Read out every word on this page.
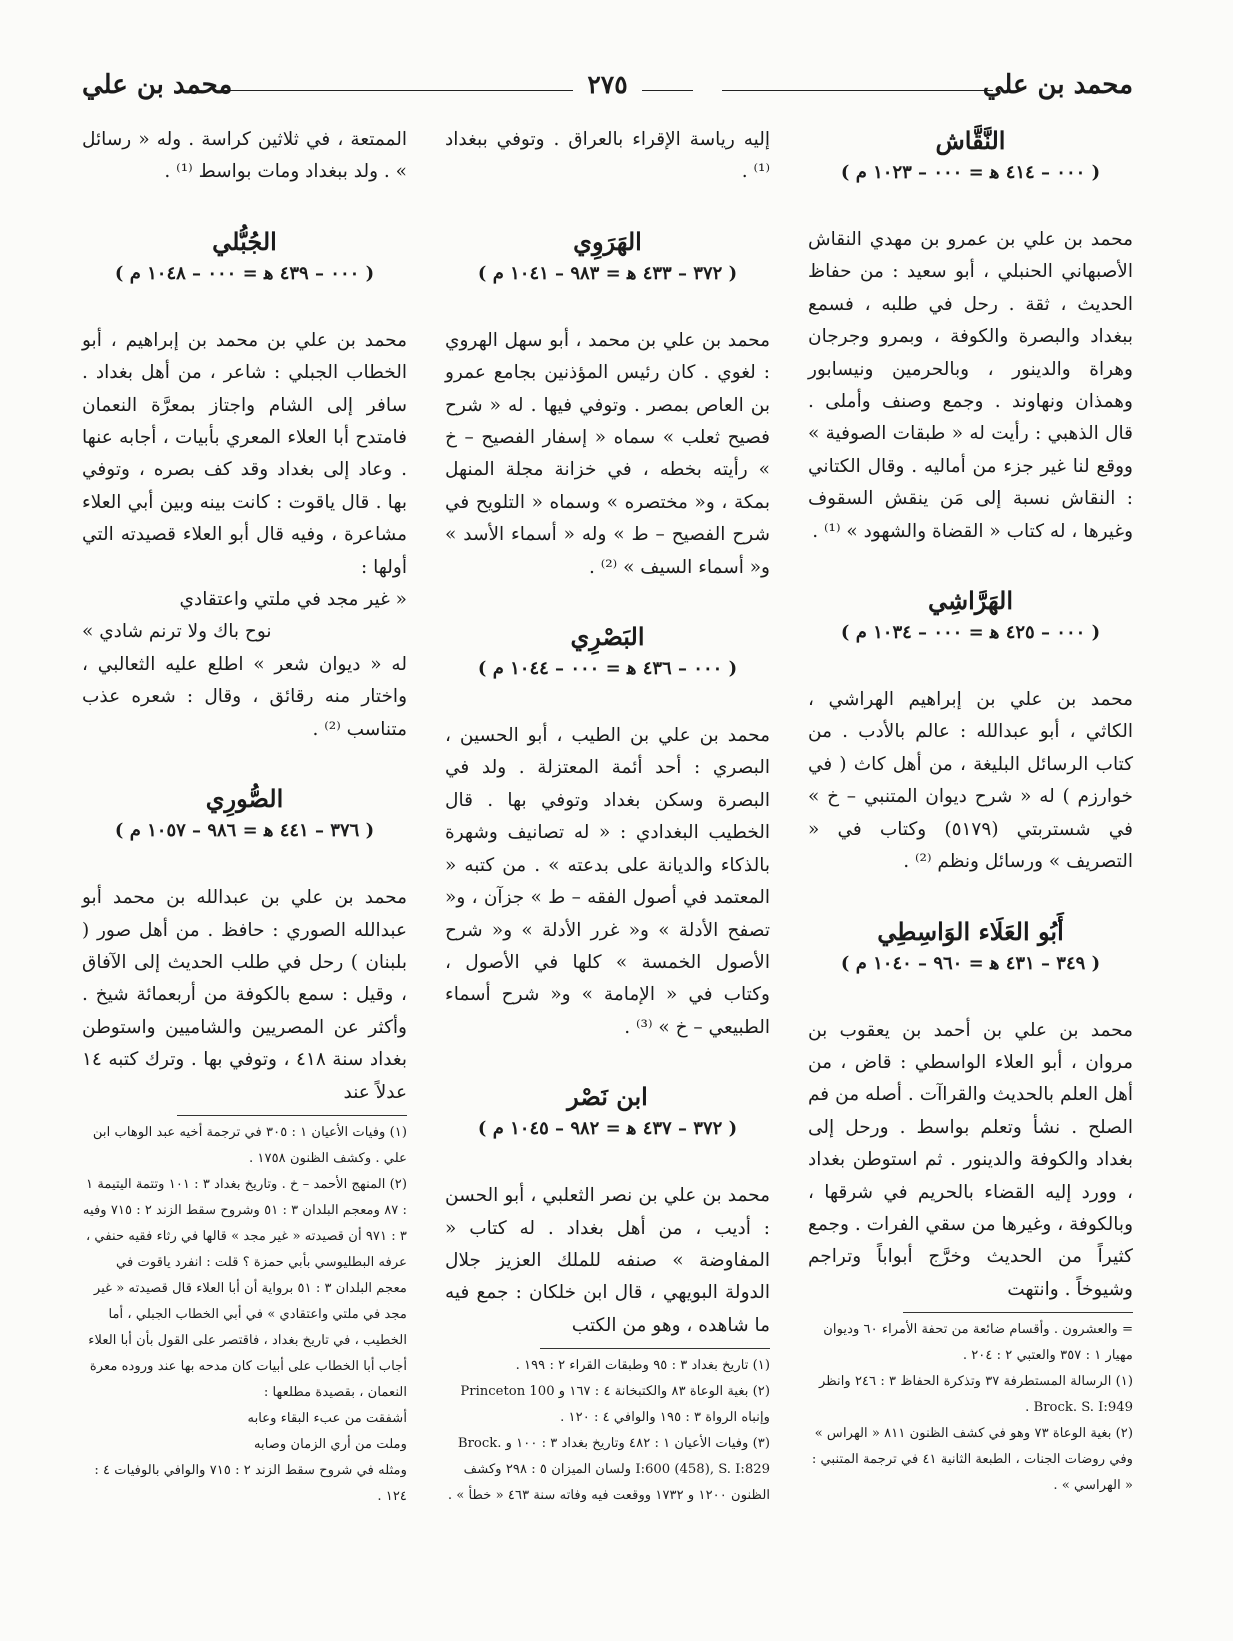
محمد بن علي
٢٧٥
محمد بن علي
النَّقَّاش
( ٠٠٠ – ٤١٤ ﻫ = ٠٠٠ – ١٠٢٣ م )

محمد بن علي بن عمرو بن مهدي النقاش الأصبهاني الحنبلي ، أبو سعيد : من حفاظ الحديث ، ثقة . رحل في طلبه ، فسمع ببغداد والبصرة والكوفة ، وبمرو وجرجان وهراة والدينور ، وبالحرمين ونيسابور وهمذان ونهاوند . وجمع وصنف وأملى . قال الذهبي : رأيت له « طبقات الصوفية » ووقع لنا غير جزء من أماليه . وقال الكتاني : النقاش نسبة إلى مَن ينقش السقوف وغيرها ، له كتاب « القضاة والشهود » ⁽¹⁾ .

الهَرَّاشِي
( ٠٠٠ – ٤٢٥ ﻫ = ٠٠٠ – ١٠٣٤ م )

محمد بن علي بن إبراهيم الهراشي ، الكاثي ، أبو عبدالله : عالم بالأدب . من كتاب الرسائل البليغة ، من أهل كاث ( في خوارزم ) له « شرح ديوان المتنبي – خ » في شستربتي (٥١٧٩) وكتاب في « التصريف » ورسائل ونظم ⁽²⁾ .

أَبُو العَلَاء الوَاسِطِي
( ٣٤٩ – ٤٣١ ﻫ = ٩٦٠ – ١٠٤٠ م )

محمد بن علي بن أحمد بن يعقوب بن مروان ، أبو العلاء الواسطي : قاض ، من أهل العلم بالحديث والقراآت . أصله من فم الصلح . نشأ وتعلم بواسط . ورحل إلى بغداد والكوفة والدينور . ثم استوطن بغداد ، وورد إليه القضاء بالحريم في شرقها ، وبالكوفة ، وغيرها من سقي الفرات . وجمع كثيراً من الحديث وخرَّج أبواباً وتراجم وشيوخاً . وانتهت

= والعشرون . وأقسام ضائعة من تحفة الأمراء ٦٠ وديوان مهيار ١ : ٣٥٧ والعتبي ٢ : ٢٠٤ .

(١) الرسالة المستطرفة ٣٧ وتذكرة الحفاظ ٣ : ٢٤٦ وانظر Brock. S. I:949 .

(٢) بغية الوعاة ٧٣ وهو في كشف الظنون ٨١١ « الهراس » وفي روضات الجنات ، الطبعة الثانية ٤١ في ترجمة المتنبي : « الهراسي » .

إليه رياسة الإقراء بالعراق . وتوفي ببغداد ⁽¹⁾ .

الهَرَوِي
( ٣٧٢ – ٤٣٣ ﻫ = ٩٨٣ – ١٠٤١ م )

محمد بن علي بن محمد ، أبو سهل الهروي : لغوي . كان رئيس المؤذنين بجامع عمرو بن العاص بمصر . وتوفي فيها . له « شرح فصيح ثعلب » سماه « إسفار الفصيح – خ » رأيته بخطه ، في خزانة مجلة المنهل بمكة ، و« مختصره » وسماه « التلويح في شرح الفصيح – ط » وله « أسماء الأسد » و« أسماء السيف » ⁽²⁾ .

البَصْرِي
( ٠٠٠ – ٤٣٦ ﻫ = ٠٠٠ – ١٠٤٤ م )

محمد بن علي بن الطيب ، أبو الحسين ، البصري : أحد أئمة المعتزلة . ولد في البصرة وسكن بغداد وتوفي بها . قال الخطيب البغدادي : « له تصانيف وشهرة بالذكاء والديانة على بدعته » . من كتبه « المعتمد في أصول الفقه – ط » جزآن ، و« تصفح الأدلة » و« غرر الأدلة » و« شرح الأصول الخمسة » كلها في الأصول ، وكتاب في « الإمامة » و« شرح أسماء الطبيعي – خ » ⁽³⁾ .

ابن نَصْر
( ٣٧٢ – ٤٣٧ ﻫ = ٩٨٢ – ١٠٤٥ م )

محمد بن علي بن نصر الثعلبي ، أبو الحسن : أديب ، من أهل بغداد . له كتاب « المفاوضة » صنفه للملك العزيز جلال الدولة البويهي ، قال ابن خلكان : جمع فيه ما شاهده ، وهو من الكتب

(١) تاريخ بغداد ٣ : ٩٥ وطبقات القراء ٢ : ١٩٩ .

(٢) بغية الوعاة ٨٣ والكتبخانة ٤ : ١٦٧ و Princeton 100 وإنباه الرواة ٣ : ١٩٥ والوافي ٤ : ١٢٠ .

(٣) وفيات الأعيان ١ : ٤٨٢ وتاريخ بغداد ٣ : ١٠٠ و Brock. I:600 (458), S. I:829 ولسان الميزان ٥ : ٢٩٨ وكشف الظنون ١٢٠٠ و ١٧٣٢ ووقعت فيه وفاته سنة ٤٦٣ « خطأ » .

الممتعة ، في ثلاثين كراسة . وله « رسائل » . ولد ببغداد ومات بواسط ⁽¹⁾ .

الجُبُّلي
( ٠٠٠ – ٤٣٩ ﻫ = ٠٠٠ – ١٠٤٨ م )

محمد بن علي بن محمد بن إبراهيم ، أبو الخطاب الجبلي : شاعر ، من أهل بغداد . سافر إلى الشام واجتاز بمعرَّة النعمان فامتدح أبا العلاء المعري بأبيات ، أجابه عنها . وعاد إلى بغداد وقد كف بصره ، وتوفي بها . قال ياقوت : كانت بينه وبين أبي العلاء مشاعرة ، وفيه قال أبو العلاء قصيدته التي أولها :

« غير مجد في ملتي واعتقادي
نوح باك ولا ترنم شادي »

له « ديوان شعر » اطلع عليه الثعالبي ، واختار منه رقائق ، وقال : شعره عذب متناسب ⁽²⁾ .

الصُّورِي
( ٣٧٦ – ٤٤١ ﻫ = ٩٨٦ – ١٠٥٧ م )

محمد بن علي بن عبدالله بن محمد أبو عبدالله الصوري : حافظ . من أهل صور ( بلبنان ) رحل في طلب الحديث إلى الآفاق ، وقيل : سمع بالكوفة من أربعمائة شيخ . وأكثر عن المصريين والشاميين واستوطن بغداد سنة ٤١٨ ، وتوفي بها . وترك كتبه ١٤ عدلاً عند

(١) وفيات الأعيان ١ : ٣٠٥ في ترجمة أخيه عبد الوهاب ابن علي . وكشف الظنون ١٧٥٨ .

(٢) المنهج الأحمد – خ . وتاريخ بغداد ٣ : ١٠١ وتتمة اليتيمة ١ : ٨٧ ومعجم البلدان ٣ : ٥١ وشروح سقط الزند ٢ : ٧١٥ وفيه ٣ : ٩٧١ أن قصيدته « غير مجد » قالها في رثاء فقيه حنفي ، عرفه البطليوسي بأبي حمزة ؟ قلت : انفرد ياقوت في معجم البلدان ٣ : ٥١ برواية أن أبا العلاء قال قصيدته « غير مجد في ملتي واعتقادي » في أبي الخطاب الجبلي ، أما الخطيب ، في تاريخ بغداد ، فاقتصر على القول بأن أبا العلاء أجاب أبا الخطاب على أبيات كان مدحه بها عند وروده معرة النعمان ، بقصيدة مطلعها :

أشفقت من عبء البقاء وعابه

وملت من أري الزمان وصابه

ومثله في شروح سقط الزند ٢ : ٧١٥ والوافي بالوفيات ٤ : ١٢٤ .
